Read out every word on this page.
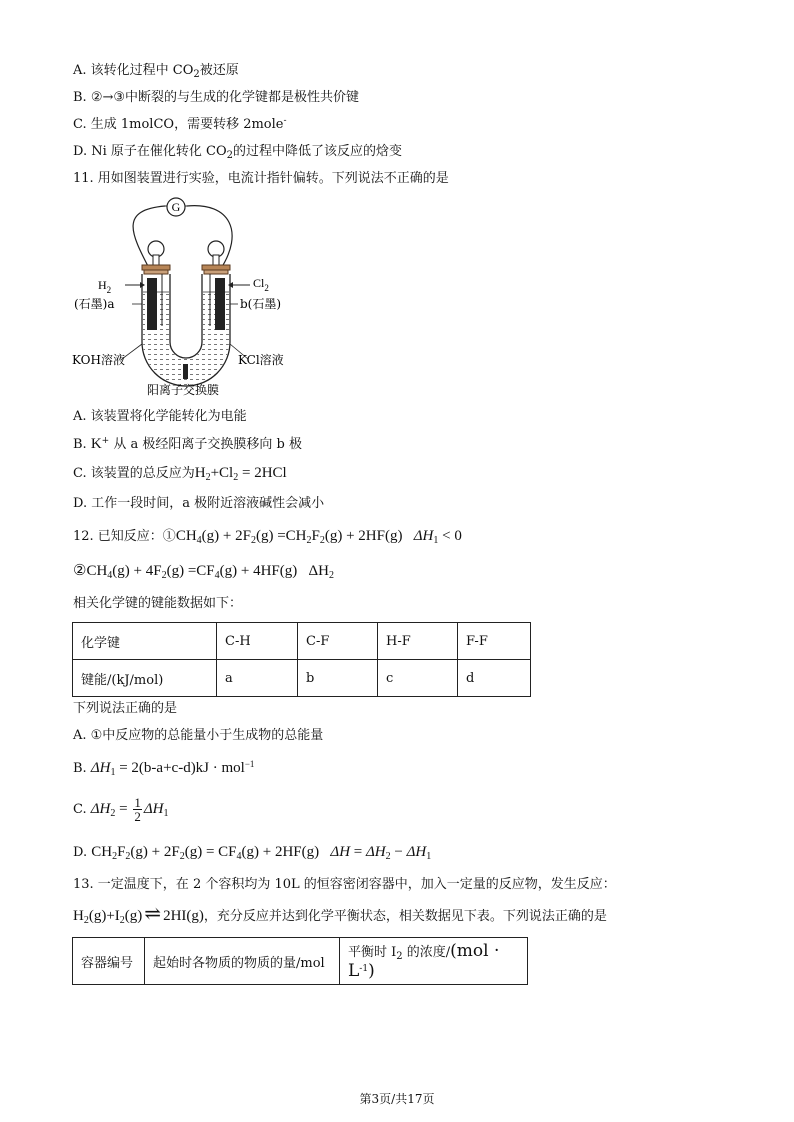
A. 该转化过程中 $CO_2$被还原
B. ②→③中断裂的与生成的化学键都是极性共价键
C. 生成 1molCO，需要转移 2mole-
D. Ni 原子在催化转化 $CO_2$的过程中降低了该反应的焓变
11. 用如图装置进行实验，电流计指针偏转。下列说法不正确的是
G
$H_2$	$Cl_2$
(石墨)a	b(石墨)
KOH溶液	KCl溶液
阳离子交换膜
A. 该装置将化学能转化为电能
B. K+ 从 a 极经阳离子交换膜移向 b 极
C. 该装置的总反应为$H_2+Cl_2 = 2HCl$
D. 工作一段时间，a 极附近溶液碱性会减小
12. 已知反应：$①CH_4(g) + 2F_2(g) =CH_2F_2(g) + 2HF(g) \Delta H_1 < 0$
$②CH_4(g) + 4F_2(g) =CF_4(g) + 4HF(g)$ $\Delta H_2$
相关化学键的键能数据如下：
化学键	C-H	C-F	H-F	F-F
键能/(kJ/mol)	a	b	c	d
下列说法正确的是
A. ①中反应物的总能量小于生成物的总能量
B. $\Delta H_1 = 2(b-a+c-d)kJ \cdot mol^{-1}$
C. $\Delta H_2 = \frac{1}{2} \Delta H_1$
D. $CH_2F_2(g) + 2F_2(g) = CF_4(g) + 2HF(g) \Delta H = \Delta H_2 - \Delta H_1$
13. 一定温度下，在 2 个容积均为 10L 的恒容密闭容器中，加入一定量的反应物，发生反应：
$H_2(g)+I_2(g)$ ⇌ 2HI(g)，充分反应并达到化学平衡状态，相关数据见下表。下列说法正确的是
容器编号	起始时各物质的物质的量/mol	平衡时 $I_2$ 的浓度$/(mol \cdot L^{-1})$
第3页/共17页
